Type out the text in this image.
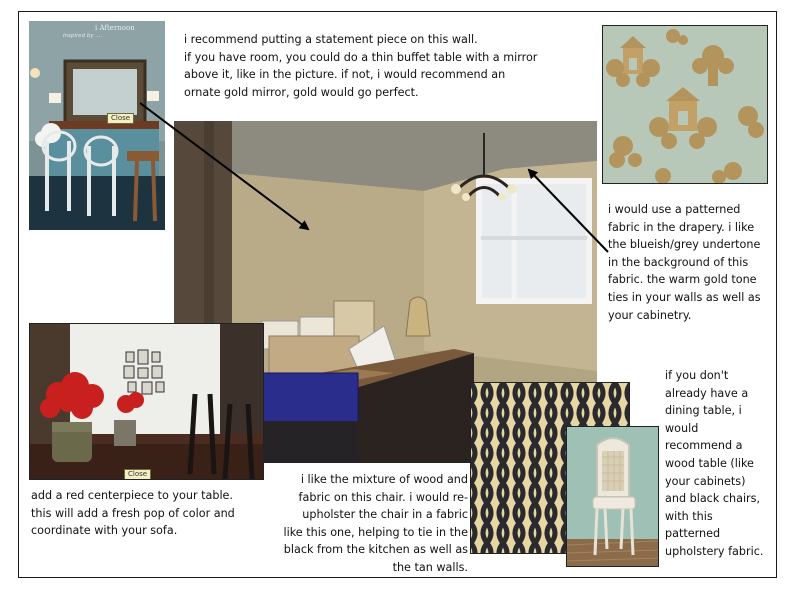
i Afternoon
Inspired by ....
Close
Close

i recommend putting a statement piece on this wall.
if you have room, you could do a thin buffet table with a mirror
above it, like in the picture. if not, i would recommend an
ornate gold mirror, gold would go perfect.

i would use a patterned
fabric in the drapery. i like
the blueish/grey undertone
in the background of this
fabric. the warm gold tone
ties in your walls as well as
your cabinetry.

if you don't
already have a
dining table, i
would
recommend a
wood table (like
your cabinets)
and black chairs,
with this
patterned
upholstery fabric.

i like the mixture of wood and
fabric on this chair. i would re-
upholster the chair in a fabric
like this one, helping to tie in the
black from the kitchen as well as
the tan walls.

add a red centerpiece to your table.
this will add a fresh pop of color and
coordinate with your sofa.
